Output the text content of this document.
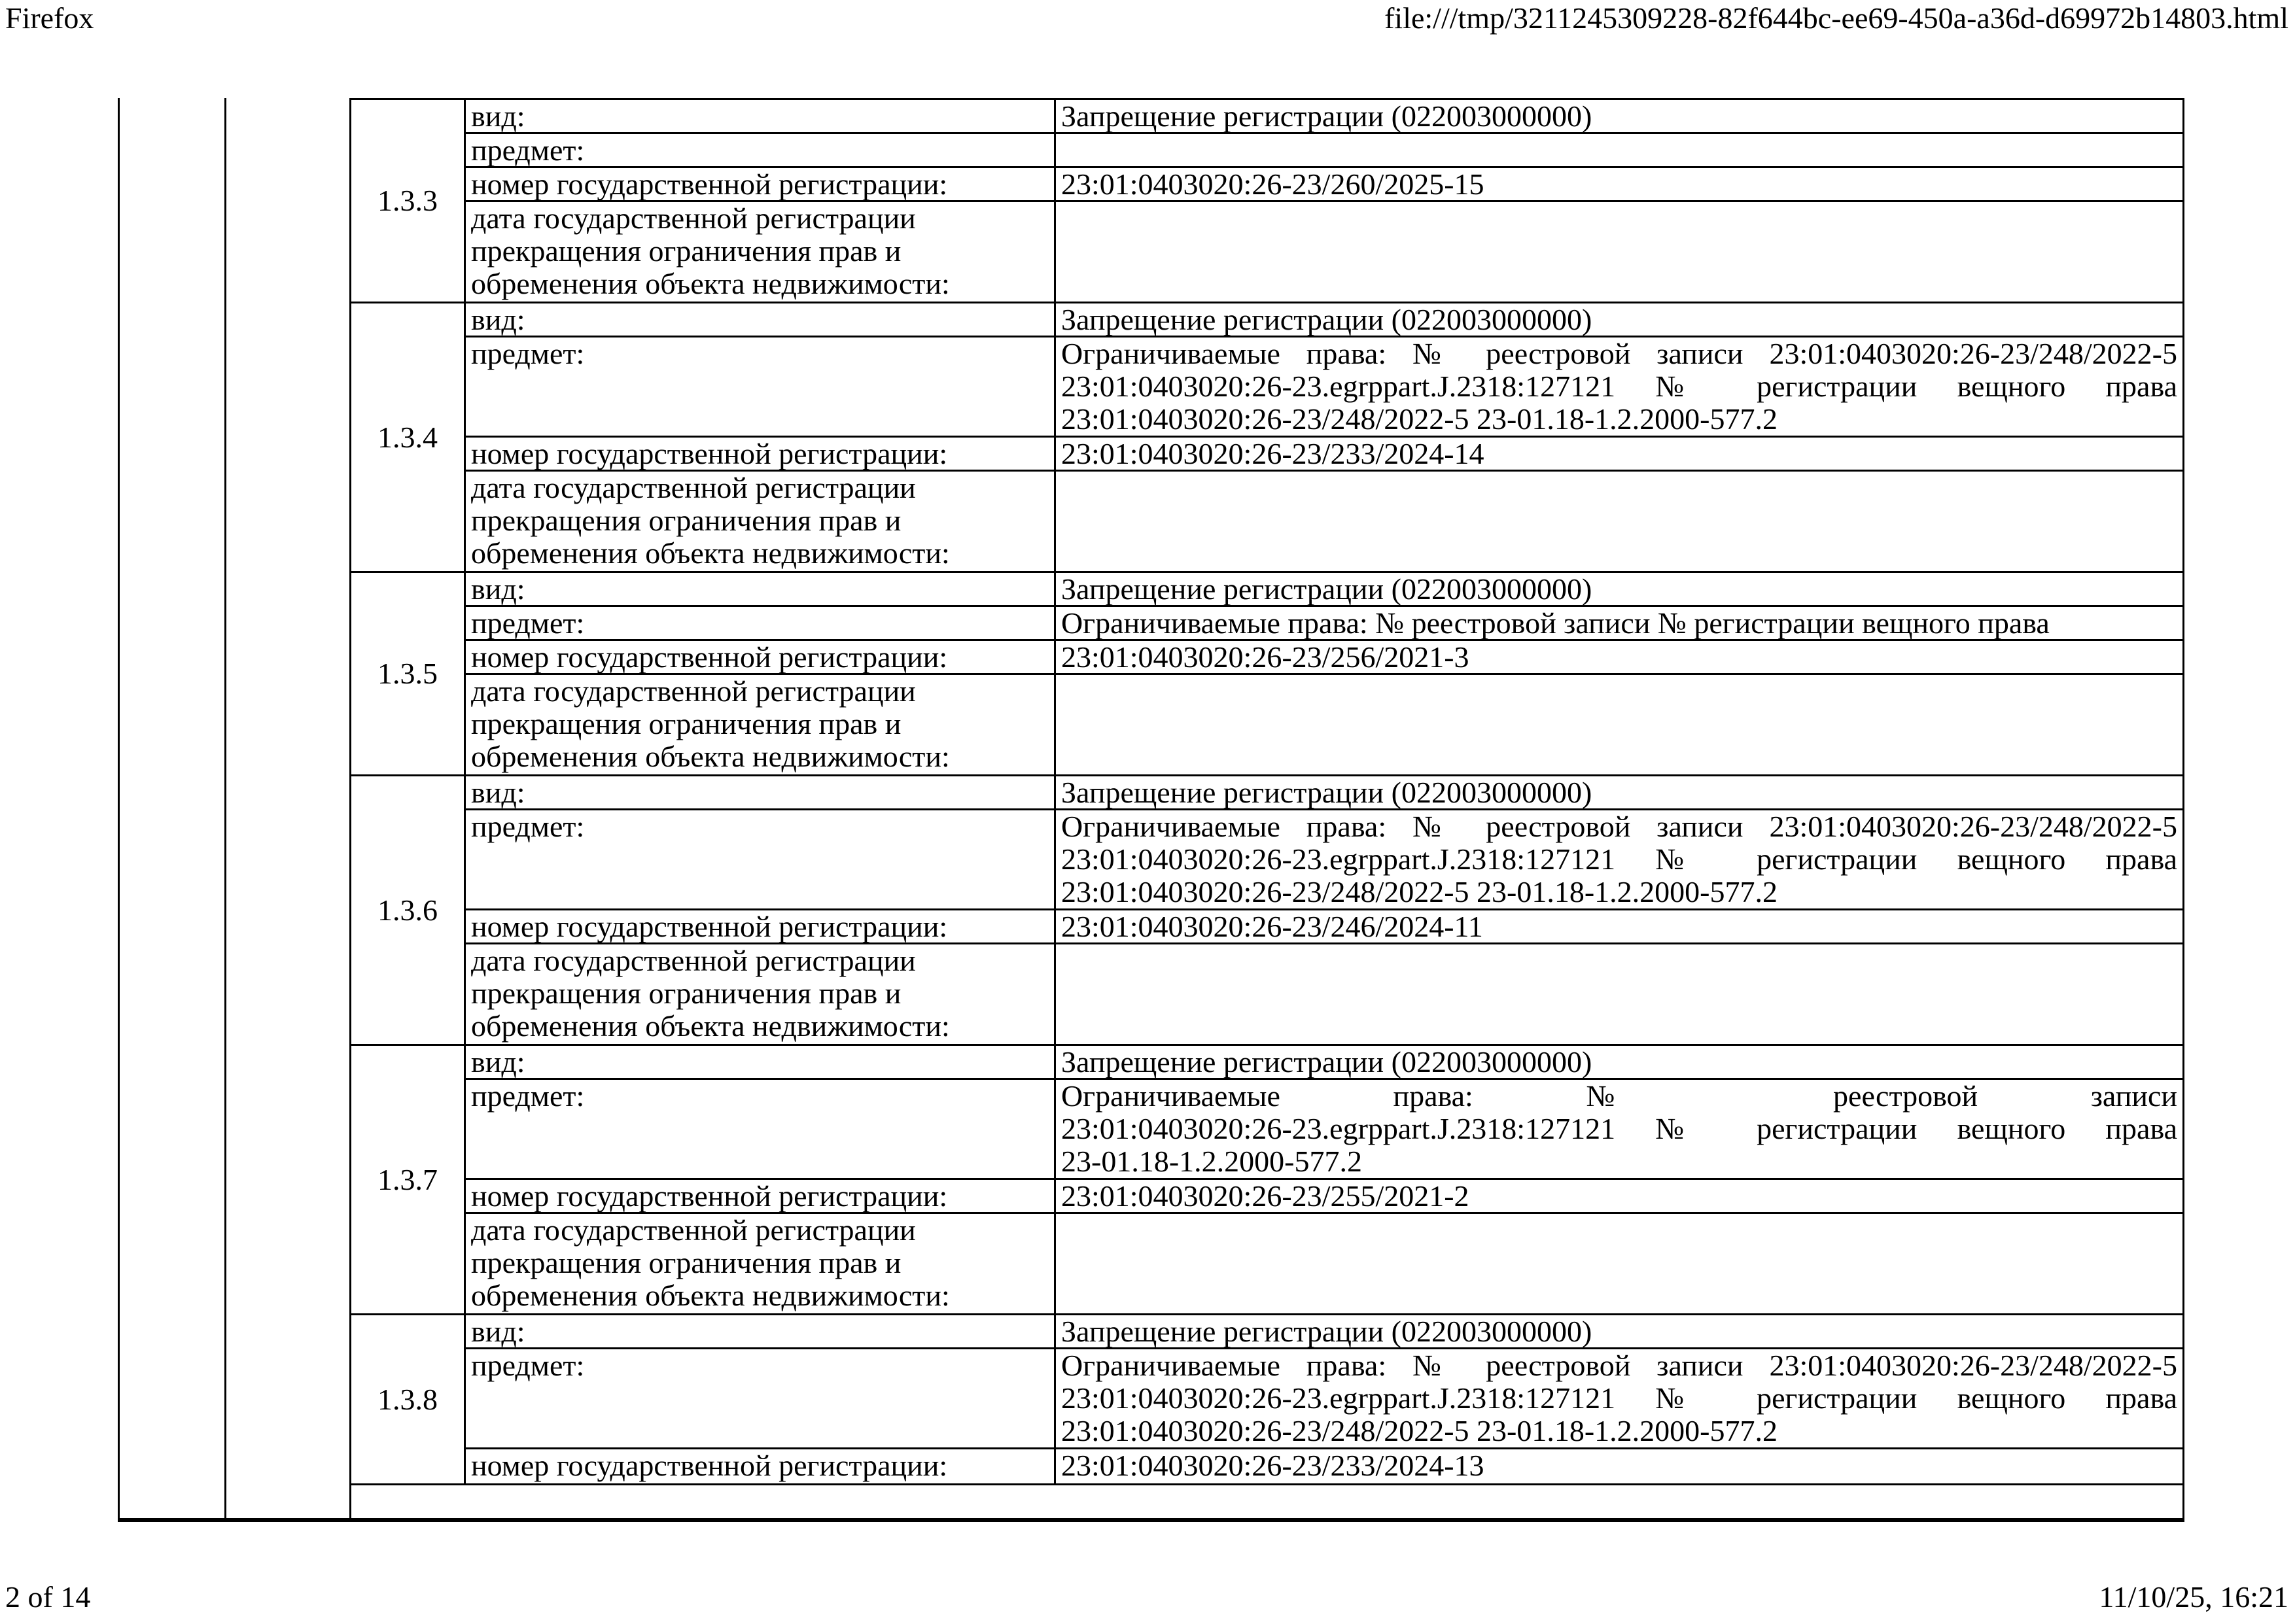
Firefox	file:///tmp/3211245309228-82f644bc-ee69-450a-a36d-d69972b14803.html
1.3.3
вид:	Запрещение регистрации (022003000000)
предмет:
номер государственной регистрации:	23:01:0403020:26-23/260/2025-15
дата государственной регистрации прекращения ограничения прав и обременения объекта недвижимости:
1.3.4
вид:	Запрещение регистрации (022003000000)
предмет:	Ограничиваемые права: № реестровой записи 23:01:0403020:26-23/248/2022-5
23:01:0403020:26-23.egrppart.J.2318:127121 № регистрации вещного права
23:01:0403020:26-23/248/2022-5 23-01.18-1.2.2000-577.2
номер государственной регистрации:	23:01:0403020:26-23/233/2024-14
дата государственной регистрации прекращения ограничения прав и обременения объекта недвижимости:
1.3.5
вид:	Запрещение регистрации (022003000000)
предмет:	Ограничиваемые права: № реестровой записи № регистрации вещного права
номер государственной регистрации:	23:01:0403020:26-23/256/2021-3
дата государственной регистрации прекращения ограничения прав и обременения объекта недвижимости:
1.3.6
вид:	Запрещение регистрации (022003000000)
предмет:	Ограничиваемые права: № реестровой записи 23:01:0403020:26-23/248/2022-5
23:01:0403020:26-23.egrppart.J.2318:127121 № регистрации вещного права
23:01:0403020:26-23/248/2022-5 23-01.18-1.2.2000-577.2
номер государственной регистрации:	23:01:0403020:26-23/246/2024-11
дата государственной регистрации прекращения ограничения прав и обременения объекта недвижимости:
1.3.7
вид:	Запрещение регистрации (022003000000)
предмет:	Ограничиваемые права: № реестровой записи
23:01:0403020:26-23.egrppart.J.2318:127121 № регистрации вещного права
23-01.18-1.2.2000-577.2
номер государственной регистрации:	23:01:0403020:26-23/255/2021-2
дата государственной регистрации прекращения ограничения прав и обременения объекта недвижимости:
1.3.8
вид:	Запрещение регистрации (022003000000)
предмет:	Ограничиваемые права: № реестровой записи 23:01:0403020:26-23/248/2022-5
23:01:0403020:26-23.egrppart.J.2318:127121 № регистрации вещного права
23:01:0403020:26-23/248/2022-5 23-01.18-1.2.2000-577.2
номер государственной регистрации:	23:01:0403020:26-23/233/2024-13
2 of 14	11/10/25, 16:21
